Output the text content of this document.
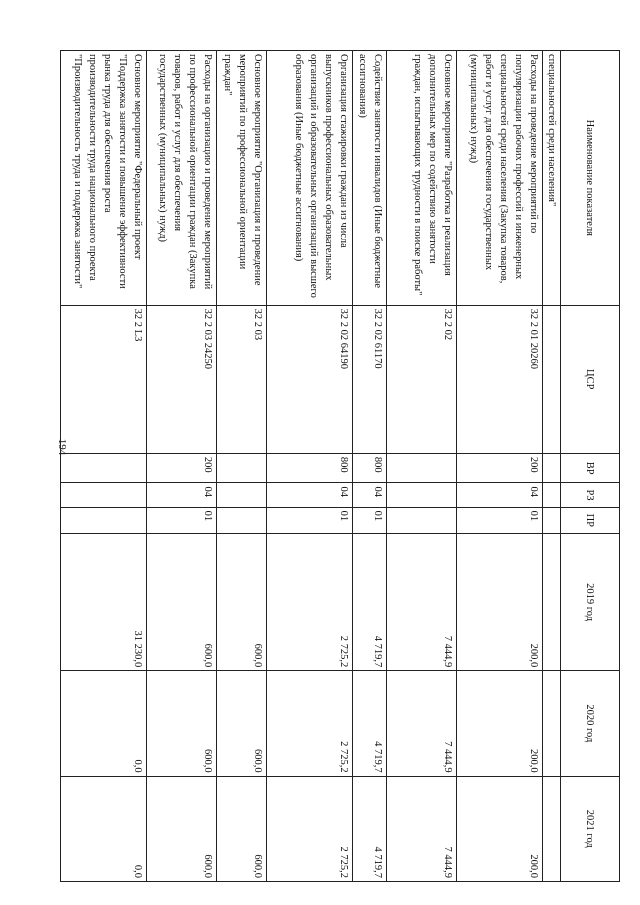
194
Наименование показателя	ЦСР	ВР	РЗ	ПР	2019 год	2020 год	2021 год
специальностей среди населения"							
Расходы на проведение мероприятий по популяризации рабочих профессий и инженерных специальностей среди населения (Закупка товаров, работ и услуг для обеспечения государственных (муниципальных) нужд)	32 2 01 20260	200	04	01	200,0	200,0	200,0
Основное мероприятие "Разработка и реализация дополнительных мер по содействию занятости граждан, испытывающих трудности в поиске работы"	32 2 02				7 444,9	7 444,9	7 444,9
Содействие занятости инвалидов (Иные бюджетные ассигнования)	32 2 02 61170	800	04	01	4 719,7	4 719,7	4 719,7
Организация стажировки граждан из числа выпускников профессиональных образовательных организаций и образовательных организаций высшего образования (Иные бюджетные ассигнования)	32 2 02 64190	800	04	01	2 725,2	2 725,2	2 725,2
Основное мероприятие "Организация и проведение мероприятий по профессиональной ориентации граждан"	32 2 03				600,0	600,0	600,0
Расходы на организацию и проведение мероприятий по профессиональной ориентации граждан (Закупка товаров, работ и услуг для обеспечения государственных (муниципальных) нужд)	32 2 03 24250	200	04	01	600,0	600,0	600,0
Основное мероприятие "Федеральный проект "Поддержка занятости и повышение эффективности рынка труда для обеспечения роста производительности труда национального проекта "Производительность труда и поддержка занятости"	32 2 L3				31 230,0	0,0	0,0
